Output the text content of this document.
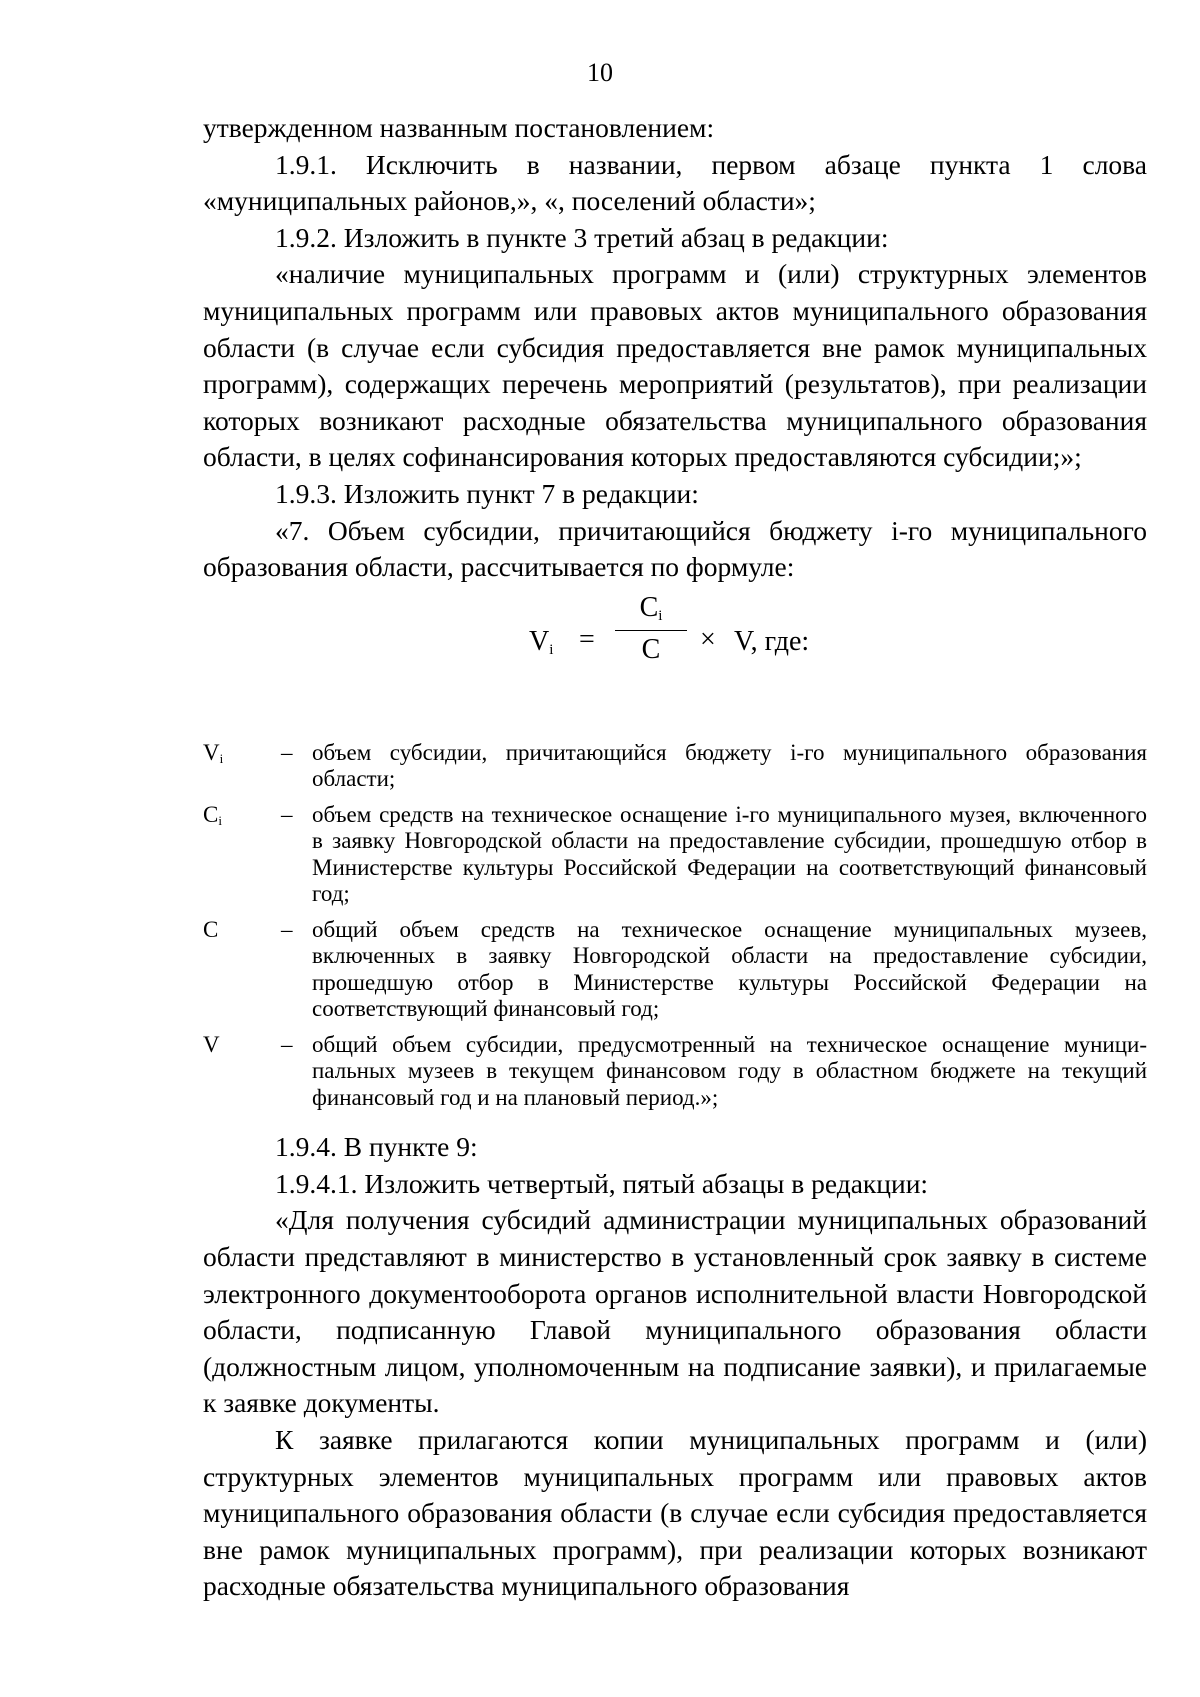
10

утвержденном названным постановлением:

1.9.1. Исключить в названии, первом абзаце пункта 1 слова «муниципальных районов,», «, поселений области»;

1.9.2. Изложить в пункте 3 третий абзац в редакции:

«наличие муниципальных программ и (или) структурных элементов муниципальных программ или правовых актов муниципального образования области (в случае если субсидия предоставляется вне рамок муниципальных программ), содержащих перечень мероприятий (результатов), при реализации которых возникают расходные обязательства муниципального образования области, в целях софинансирования которых предоставляются субсидии;»;

1.9.3. Изложить пункт 7 в редакции:

«7. Объем субсидии, причитающийся бюджету i-го муниципального образования области, рассчитывается по формуле:

$V_i$ =
$C_i$
C	× V, где:
$V_i$	– объем субсидии, причитающийся бюджету i-го муниципального образования области;
$C_i$	– объем средств на техническое оснащение i-го муниципального музея, включенного в заявку Новгородской области на предоставление субсидии, прошедшую отбор в Министерстве культуры Российской Федерации на соответствующий финансовый год;
C	– общий объем средств на техническое оснащение муниципальных музеев, включенных в заявку Новгородской области на предоставление субсидии, прошедшую отбор в Министерстве культуры Российской Федерации на соответствующий финансовый год;
V	– общий объем субсидии, предусмотренный на техническое оснащение муниципальных музеев в текущем финансовом году в областном бюджете на текущий финансовый год и на плановый период.»;

1.9.4. В пункте 9:

1.9.4.1. Изложить четвертый, пятый абзацы в редакции:

«Для получения субсидий администрации муниципальных образований области представляют в министерство в установленный срок заявку в системе электронного документооборота органов исполнительной власти Новгородской области, подписанную Главой муниципального образования области (должностным лицом, уполномоченным на подписание заявки), и прилагаемые к заявке документы.

К заявке прилагаются копии муниципальных программ и (или) структурных элементов муниципальных программ или правовых актов муниципального образования области (в случае если субсидия предоставляется вне рамок муниципальных программ), при реализации которых возникают расходные обязательства муниципального образования
